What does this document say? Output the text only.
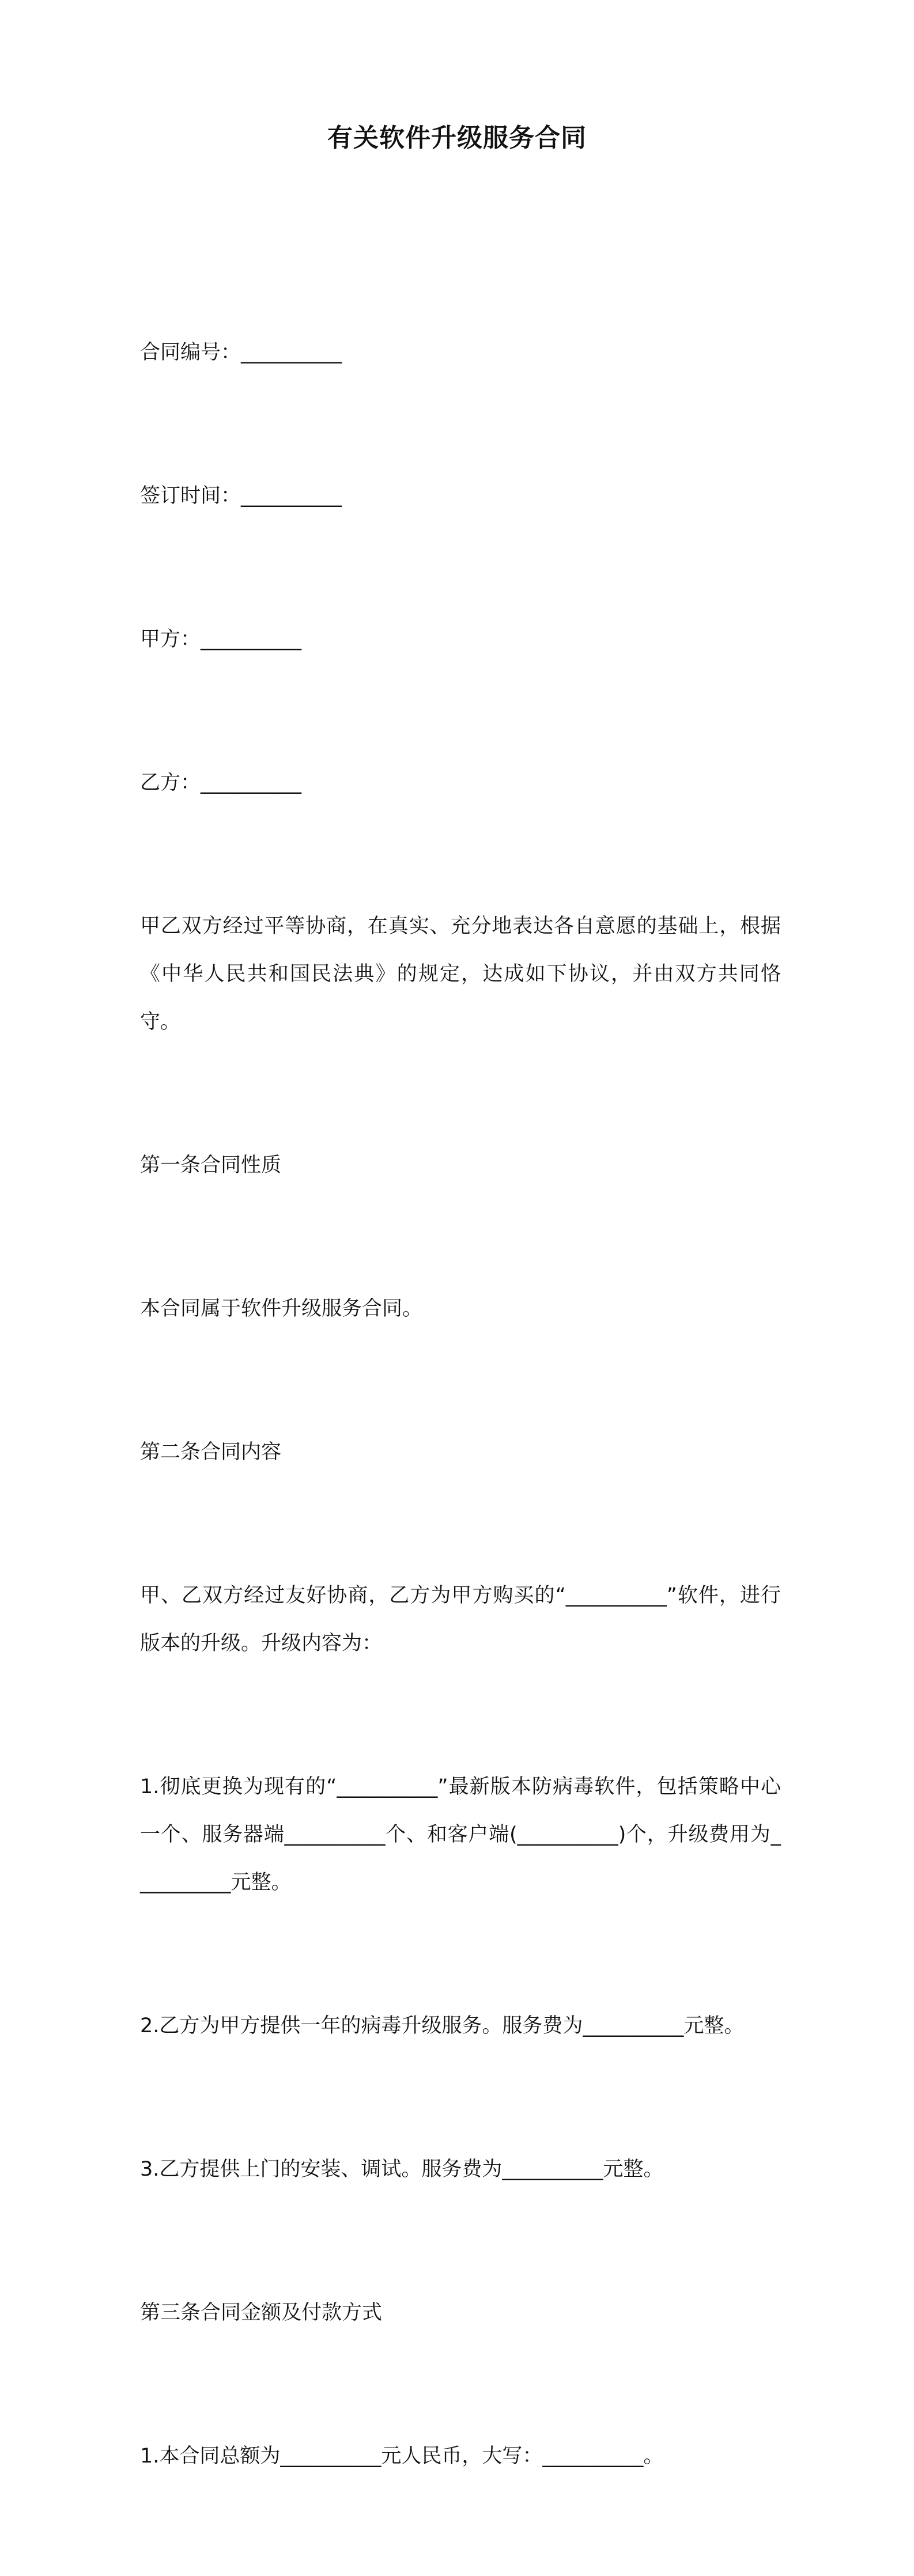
有关软件升级服务合同

合同编号：__________

签订时间：__________

甲方：__________

乙方：__________

甲乙双方经过平等协商，在真实、充分地表达各自意愿的基础上，根据《中华人民共和国民法典》的规定，达成如下协议，并由双方共同恪守。

第一条合同性质

本合同属于软件升级服务合同。

第二条合同内容

甲、乙双方经过友好协商，乙方为甲方购买的“__________”软件，进行版本的升级。升级内容为：

1.彻底更换为现有的“__________”最新版本防病毒软件，包括策略中心一个、服务器端__________个、和客户端(__________)个，升级费用为__________元整。

2.乙方为甲方提供一年的病毒升级服务。服务费为__________元整。

3.乙方提供上门的安装、调试。服务费为__________元整。

第三条合同金额及付款方式

1.本合同总额为__________元人民币，大写：__________。
